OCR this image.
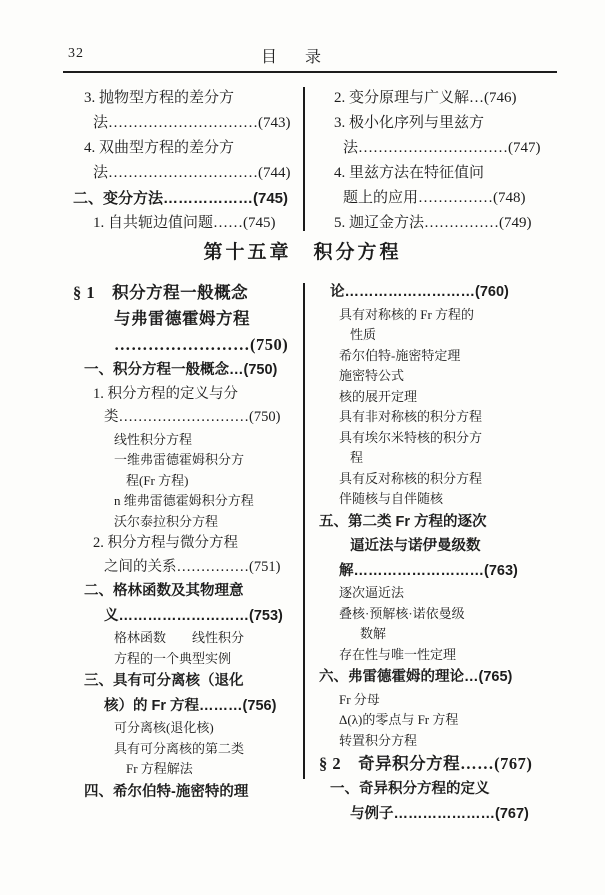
32	目　录
3. 抛物型方程的差分方
法…………………………(743)
4. 双曲型方程的差分方
法…………………………(744)
二、变分方法………………(745)
1. 自共轭边值问题……(745)
2. 变分原理与广义解…(746)
3. 极小化序列与里兹方
法…………………………(747)
4. 里兹方法在特征值问
题上的应用……………(748)
5. 迦辽金方法……………(749)
第十五章　积分方程
§ 1　积分方程一般概念
与弗雷德霍姆方程
……………………(750)
一、积分方程一般概念…(750)
1. 积分方程的定义与分
类………………………(750)
线性积分方程
一维弗雷德霍姆积分方
程(Fr 方程)
n 维弗雷德霍姆积分方程
沃尔泰拉积分方程
2. 积分方程与微分方程
之间的关系……………(751)
二、格林函数及其物理意
义………………………(753)
格林函数　　线性积分
方程的一个典型实例
三、具有可分离核（退化
核）的 Fr 方程………(756)
可分离核(退化核)
具有可分离核的第二类
Fr 方程解法
四、希尔伯特-施密特的理
论………………………(760)
具有对称核的 Fr 方程的
性质
希尔伯特-施密特定理
施密特公式
核的展开定理
具有非对称核的积分方程
具有埃尔米特核的积分方
程
具有反对称核的积分方程
伴随核与自伴随核
五、第二类 Fr 方程的逐次
逼近法与诺伊曼级数
解………………………(763)
逐次逼近法
叠核·预解核·诺依曼级
数解
存在性与唯一性定理
六、弗雷德霍姆的理论…(765)
Fr 分母
Δ(λ)的零点与 Fr 方程
转置积分方程
§ 2　奇异积分方程……(767)
一、奇异积分方程的定义
与例子…………………(767)
